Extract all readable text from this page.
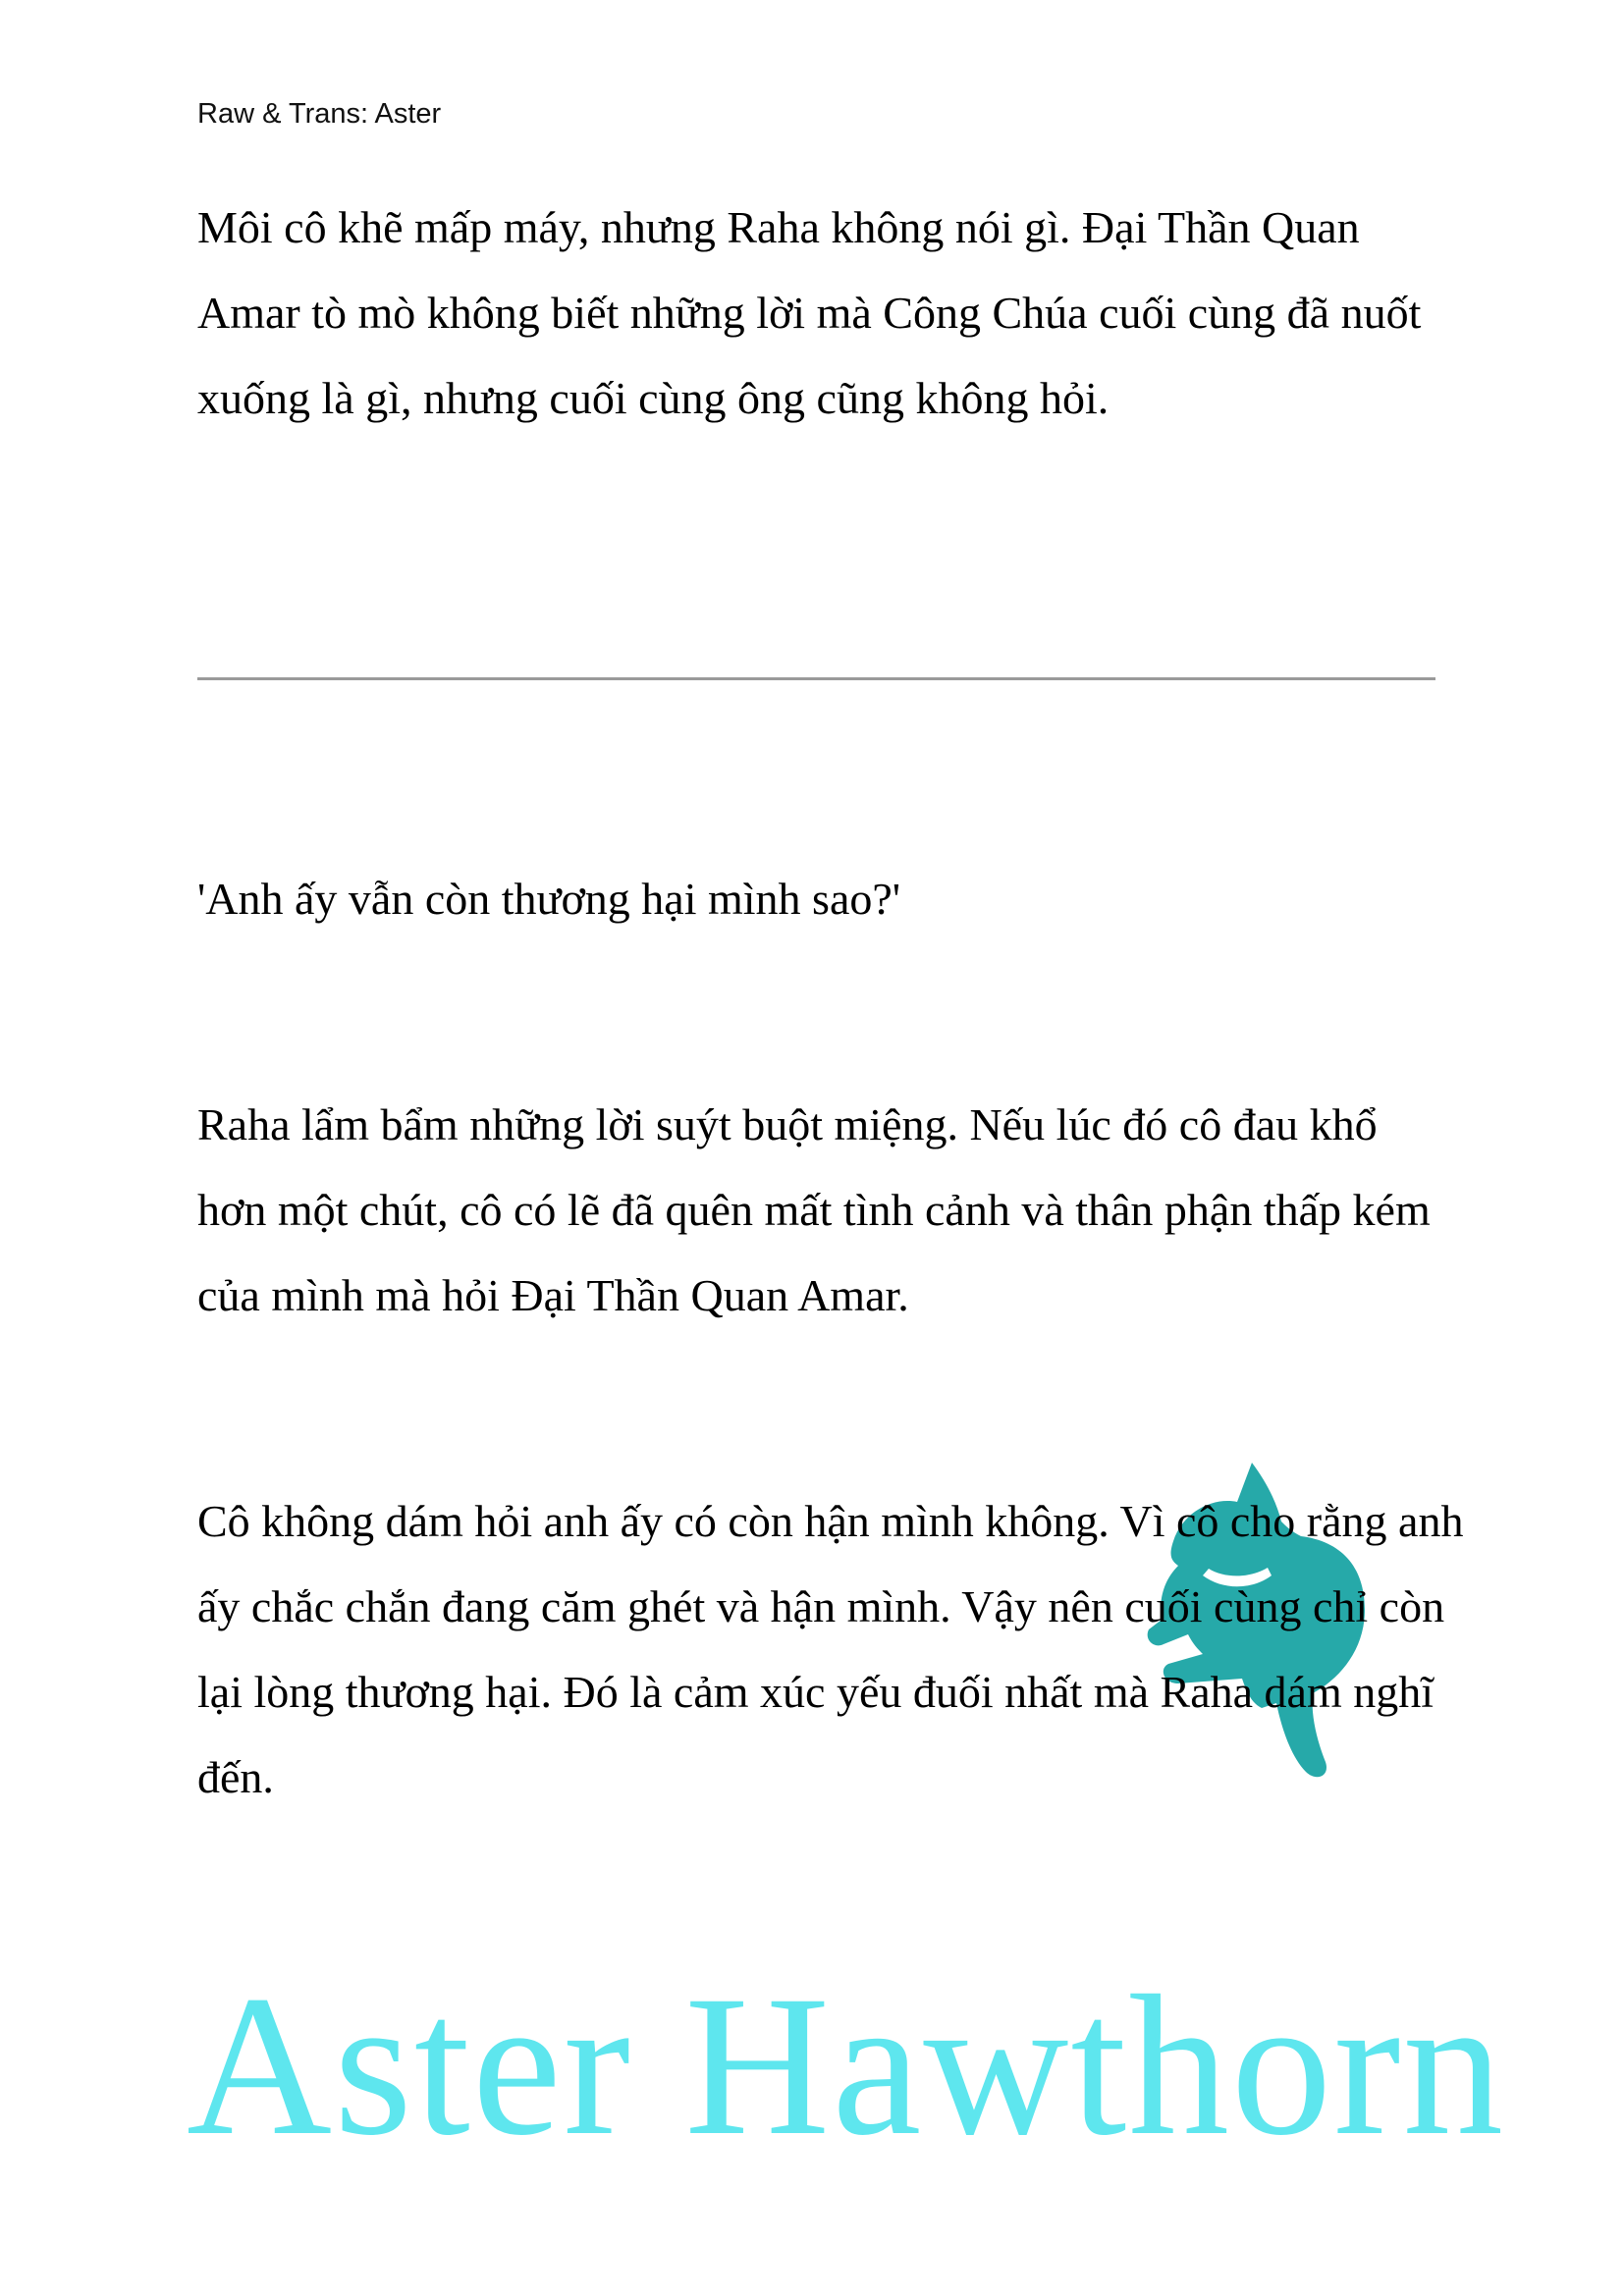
Raw & Trans: Aster

Môi cô khẽ mấp máy, nhưng Raha không nói gì. Đại Thần Quan Amar tò mò không biết những lời mà Công Chúa cuối cùng đã nuốt xuống là gì, nhưng cuối cùng ông cũng không hỏi.

'Anh ấy vẫn còn thương hại mình sao?'

Raha lẩm bẩm những lời suýt buột miệng. Nếu lúc đó cô đau khổ hơn một chút, cô có lẽ đã quên mất tình cảnh và thân phận thấp kém của mình mà hỏi Đại Thần Quan Amar.

Cô không dám hỏi anh ấy có còn hận mình không. Vì cô cho rằng anh ấy chắc chắn đang căm ghét và hận mình. Vậy nên cuối cùng chỉ còn lại lòng thương hại. Đó là cảm xúc yếu đuối nhất mà Raha dám nghĩ đến.

Aster Hawthorn
